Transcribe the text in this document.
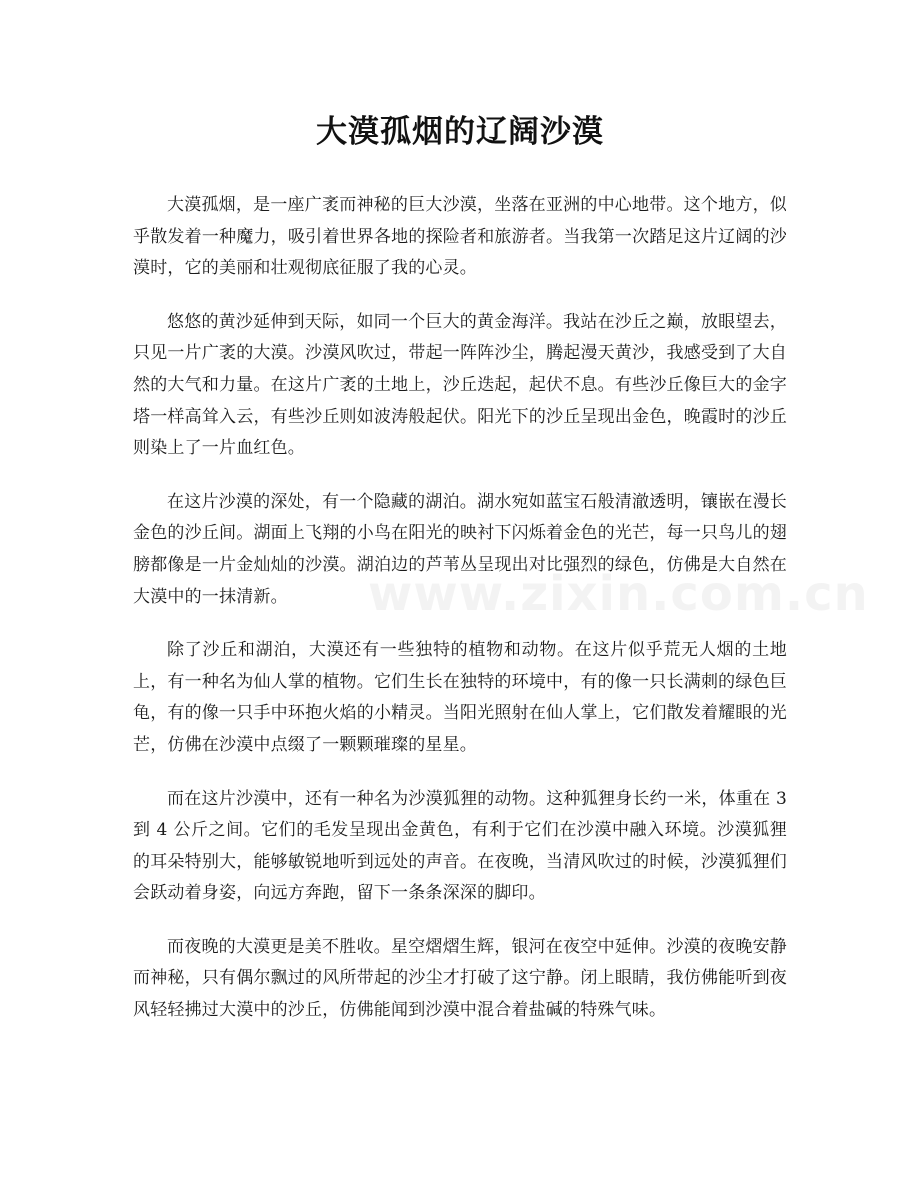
大漠孤烟的辽阔沙漠

大漠孤烟，是一座广袤而神秘的巨大沙漠，坐落在亚洲的中心地带。这个地方，似乎散发着一种魔力，吸引着世界各地的探险者和旅游者。当我第一次踏足这片辽阔的沙漠时，它的美丽和壮观彻底征服了我的心灵。

悠悠的黄沙延伸到天际，如同一个巨大的黄金海洋。我站在沙丘之巅，放眼望去，只见一片广袤的大漠。沙漠风吹过，带起一阵阵沙尘，腾起漫天黄沙，我感受到了大自然的大气和力量。在这片广袤的土地上，沙丘迭起，起伏不息。有些沙丘像巨大的金字塔一样高耸入云，有些沙丘则如波涛般起伏。阳光下的沙丘呈现出金色，晚霞时的沙丘则染上了一片血红色。

在这片沙漠的深处，有一个隐藏的湖泊。湖水宛如蓝宝石般清澈透明，镶嵌在漫长金色的沙丘间。湖面上飞翔的小鸟在阳光的映衬下闪烁着金色的光芒，每一只鸟儿的翅膀都像是一片金灿灿的沙漠。湖泊边的芦苇丛呈现出对比强烈的绿色，仿佛是大自然在大漠中的一抹清新。

除了沙丘和湖泊，大漠还有一些独特的植物和动物。在这片似乎荒无人烟的土地上，有一种名为仙人掌的植物。它们生长在独特的环境中，有的像一只长满刺的绿色巨龟，有的像一只手中环抱火焰的小精灵。当阳光照射在仙人掌上，它们散发着耀眼的光芒，仿佛在沙漠中点缀了一颗颗璀璨的星星。

而在这片沙漠中，还有一种名为沙漠狐狸的动物。这种狐狸身长约一米，体重在 3 到 4 公斤之间。它们的毛发呈现出金黄色，有利于它们在沙漠中融入环境。沙漠狐狸的耳朵特别大，能够敏锐地听到远处的声音。在夜晚，当清风吹过的时候，沙漠狐狸们会跃动着身姿，向远方奔跑，留下一条条深深的脚印。

而夜晚的大漠更是美不胜收。星空熠熠生辉，银河在夜空中延伸。沙漠的夜晚安静而神秘，只有偶尔飘过的风所带起的沙尘才打破了这宁静。闭上眼睛，我仿佛能听到夜风轻轻拂过大漠中的沙丘，仿佛能闻到沙漠中混合着盐碱的特殊气味。

www.zixin.com.cn
